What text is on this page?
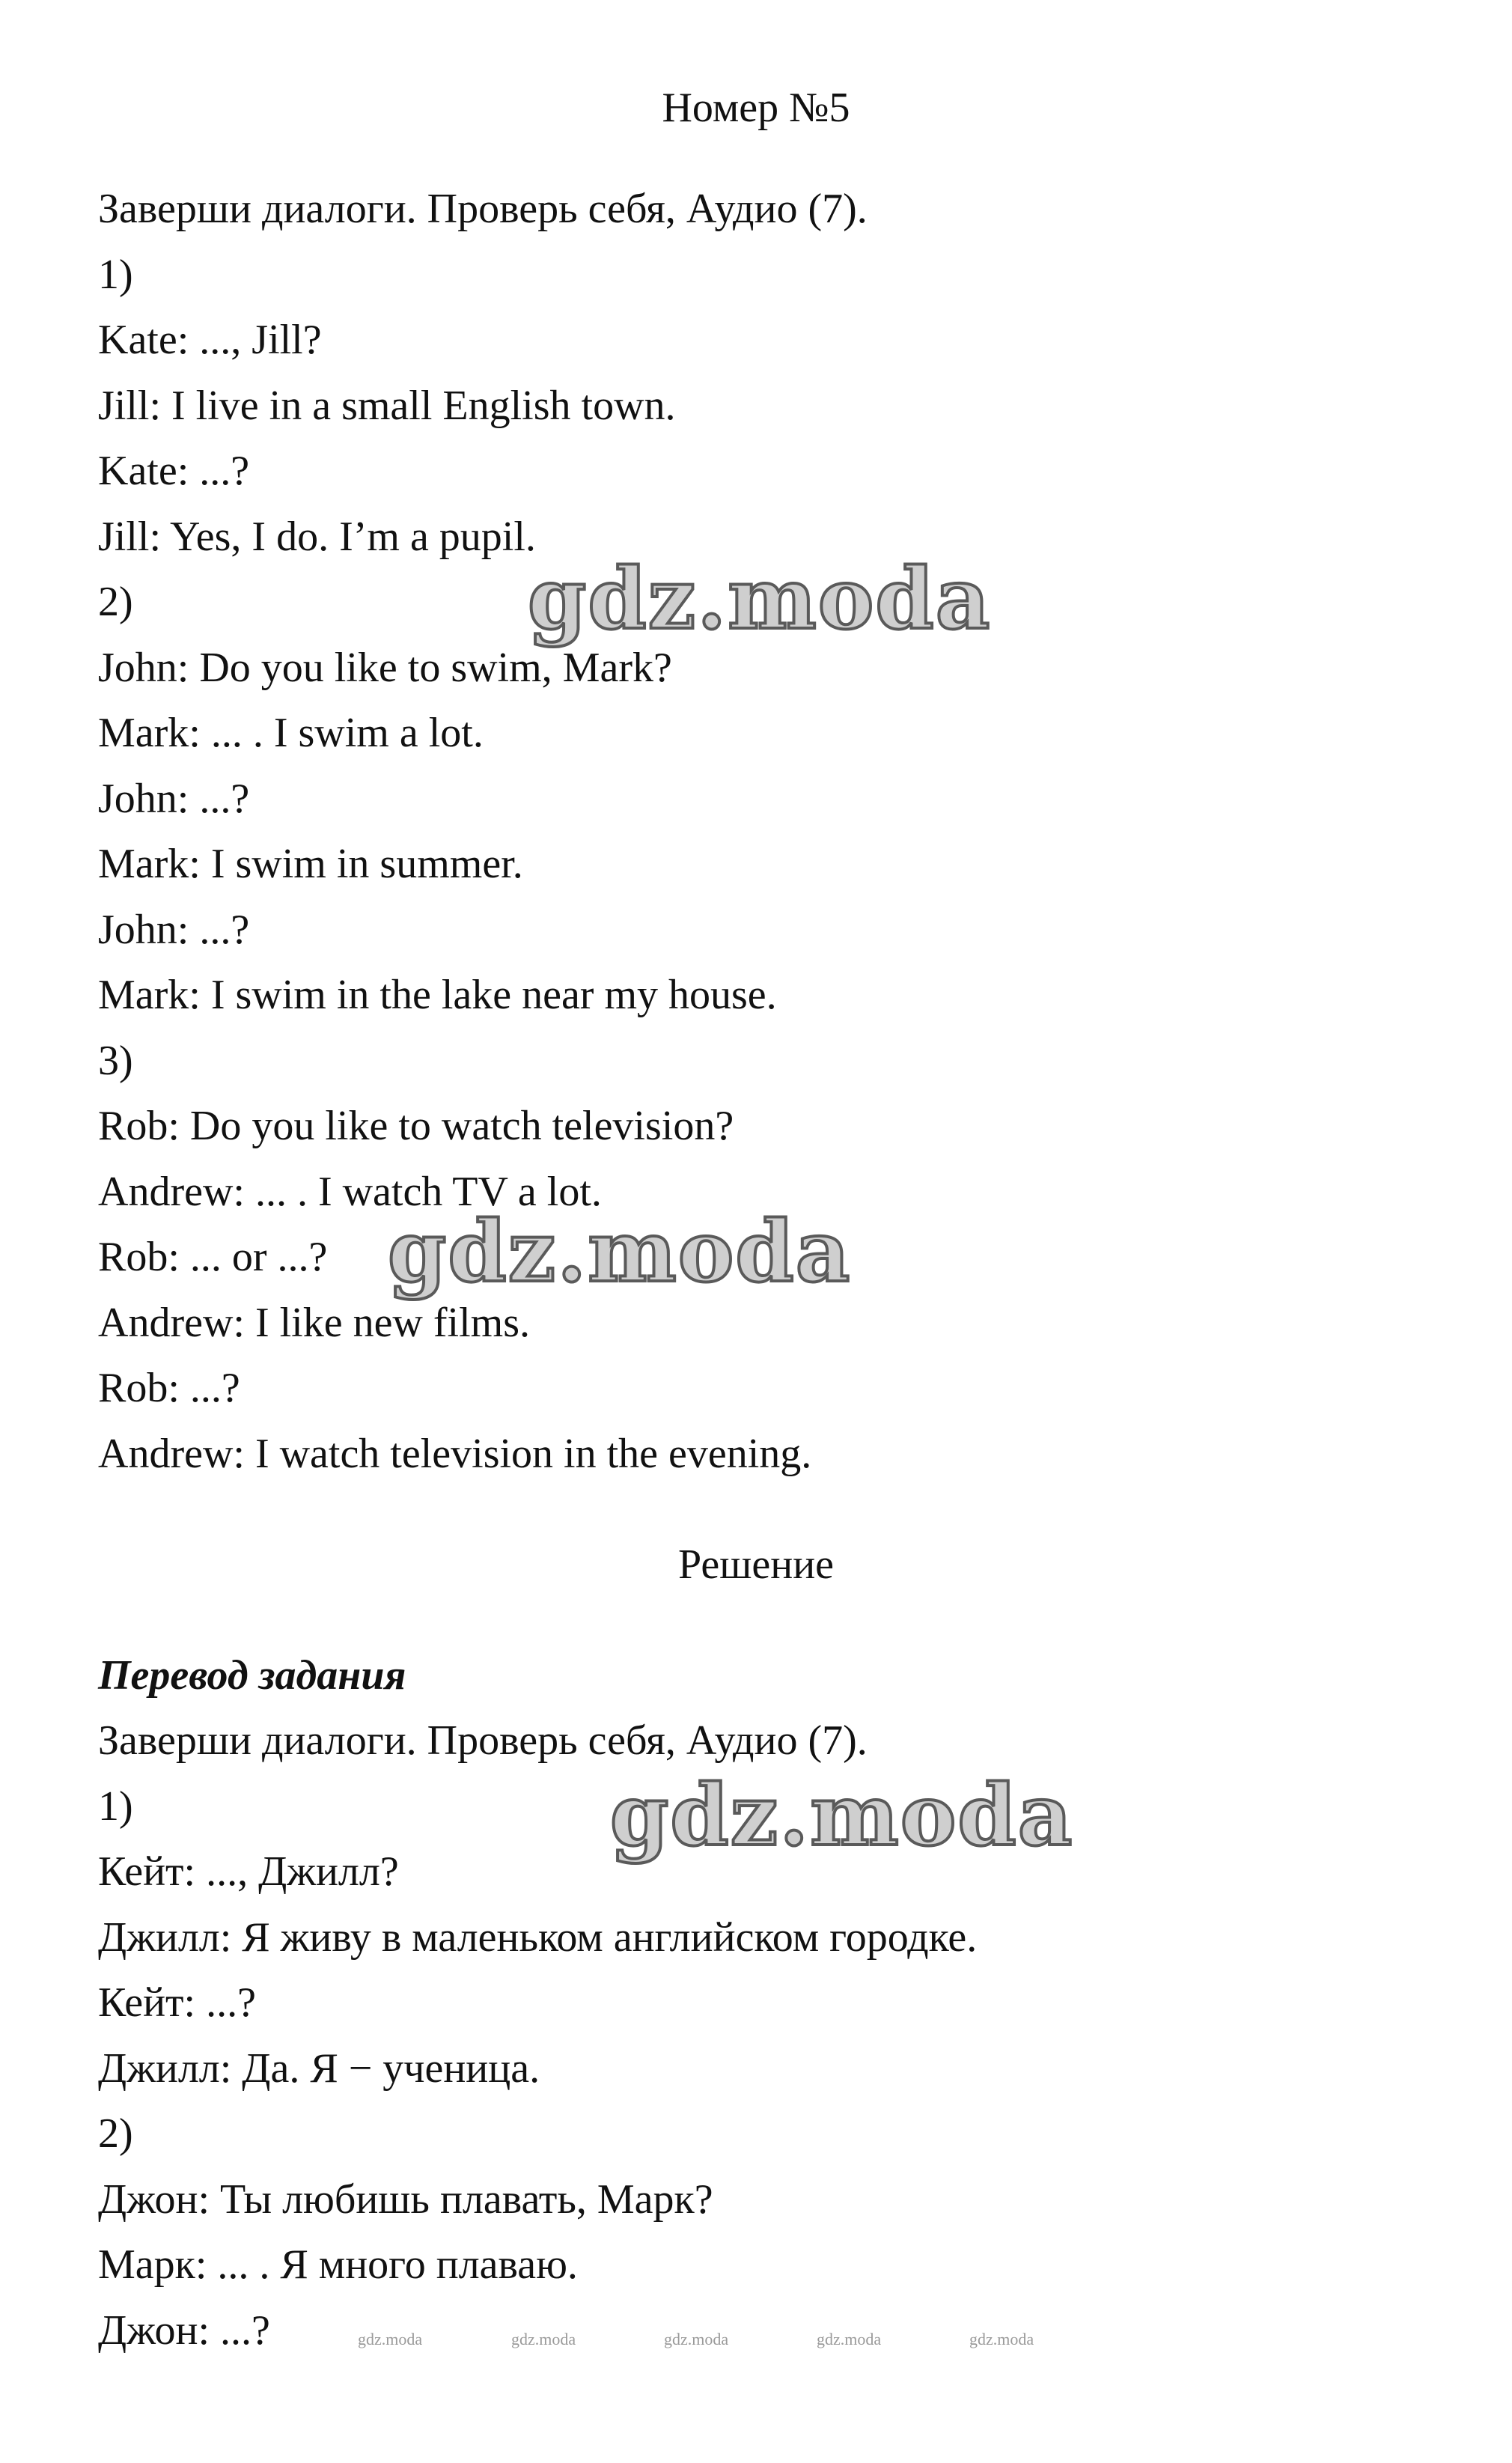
Номер №5
Заверши диалоги. Проверь себя, Аудио (7).
1)
Kate: ..., Jill?
Jill: I live in a small English town.
Kate: ...?
Jill: Yes, I do. I’m a pupil.
2)
John: Do you like to swim, Mark?
Mark: ... . I swim a lot.
John: ...?
Mark: I swim in summer.
John: ...?
Mark: I swim in the lake near my house.
3)
Rob: Do you like to watch television?
Andrew: ... . I watch TV a lot.
Rob: ... or ...?
Andrew: I like new films.
Rob: ...?
Andrew: I watch television in the evening.
Решение
Перевод задания
Заверши диалоги. Проверь себя, Аудио (7).
1)
Кейт: ..., Джилл?
Джилл: Я живу в маленьком английском городке.
Кейт: ...?
Джилл: Да. Я − ученица.
2)
Джон: Ты любишь плавать, Марк?
Марк: ... . Я много плаваю.
Джон: ...?
gdz.moda
gdz.moda
gdz.moda
gdz.moda	gdz.moda	gdz.moda	gdz.moda	gdz.moda
